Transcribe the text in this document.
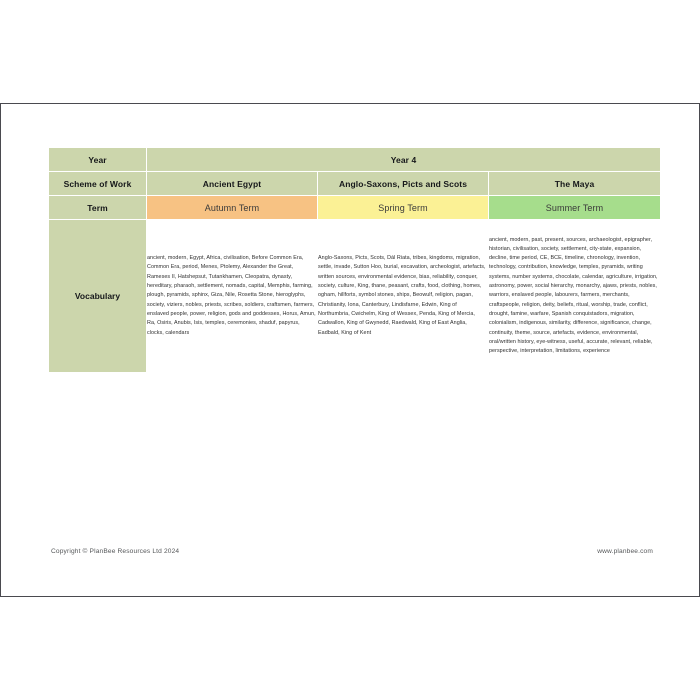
Year	Year 4		
Scheme of Work	Ancient Egypt	Anglo-Saxons, Picts and Scots	The Maya
Term	Autumn Term	Spring Term	Summer Term
Vocabulary	ancient, modern, Egypt, Africa, civilisation, Before Common Era, Common Era, period, Menes, Ptolemy, Alexander the Great, Rameses II, Hatshepsut, Tutankhamen, Cleopatra, dynasty, hereditary, pharaoh, settlement, nomads, capital, Memphis, farming, plough, pyramids, sphinx, Giza, Nile, Rosetta Stone, hieroglyphs, society, viziers, nobles, priests, scribes, soldiers, craftsmen, farmers, enslaved people, power, religion, gods and goddesses, Horus, Amun, Ra, Osiris, Anubis, Isis, temples, ceremonies, shaduf, papyrus, clocks, calendars	Anglo-Saxons, Picts, Scots, Dál Riata, tribes, kingdoms, migration, settle, invade, Sutton Hoo, burial, excavation, archeologist, artefacts, written sources, environmental evidence, bias, reliability, conquer, society, culture, King, thane, peasant, crafts, food, clothing, homes, ogham, hillforts, symbol stones, ships, Beowulf, religion, pagan, Christianity, Iona, Canterbury, Lindisfarne, Edwin, King of Northumbria, Cwichelm, King of Wessex, Penda, King of Mercia, Cadwallon, King of Gwynedd, Raedwald, King of East Anglia, Eadbald, King of Kent	ancient, modern, past, present, sources, archaeologist, epigrapher, historian, civilisation, society, settlement, city-state, expansion, decline, time period, CE, BCE, timeline, chronology, invention, technology, contribution, knowledge, temples, pyramids, writing systems, number systems, chocolate, calendar, agriculture, irrigation, astronomy, power, social hierarchy, monarchy, ajaws, priests, nobles, warriors, enslaved people, labourers, farmers, merchants, craftspeople, religion, deity, beliefs, ritual, worship, trade, conflict, drought, famine, warfare, Spanish conquistadors, migration, colonialism, indigenous, similarity, difference, significance, change, continuity, theme, source, artefacts, evidence, environmental, oral/written history, eye-witness, useful, accurate, relevant, reliable, perspective, interpretation, limitations, experience
Copyright © PlanBee Resources Ltd 2024	www.planbee.com
